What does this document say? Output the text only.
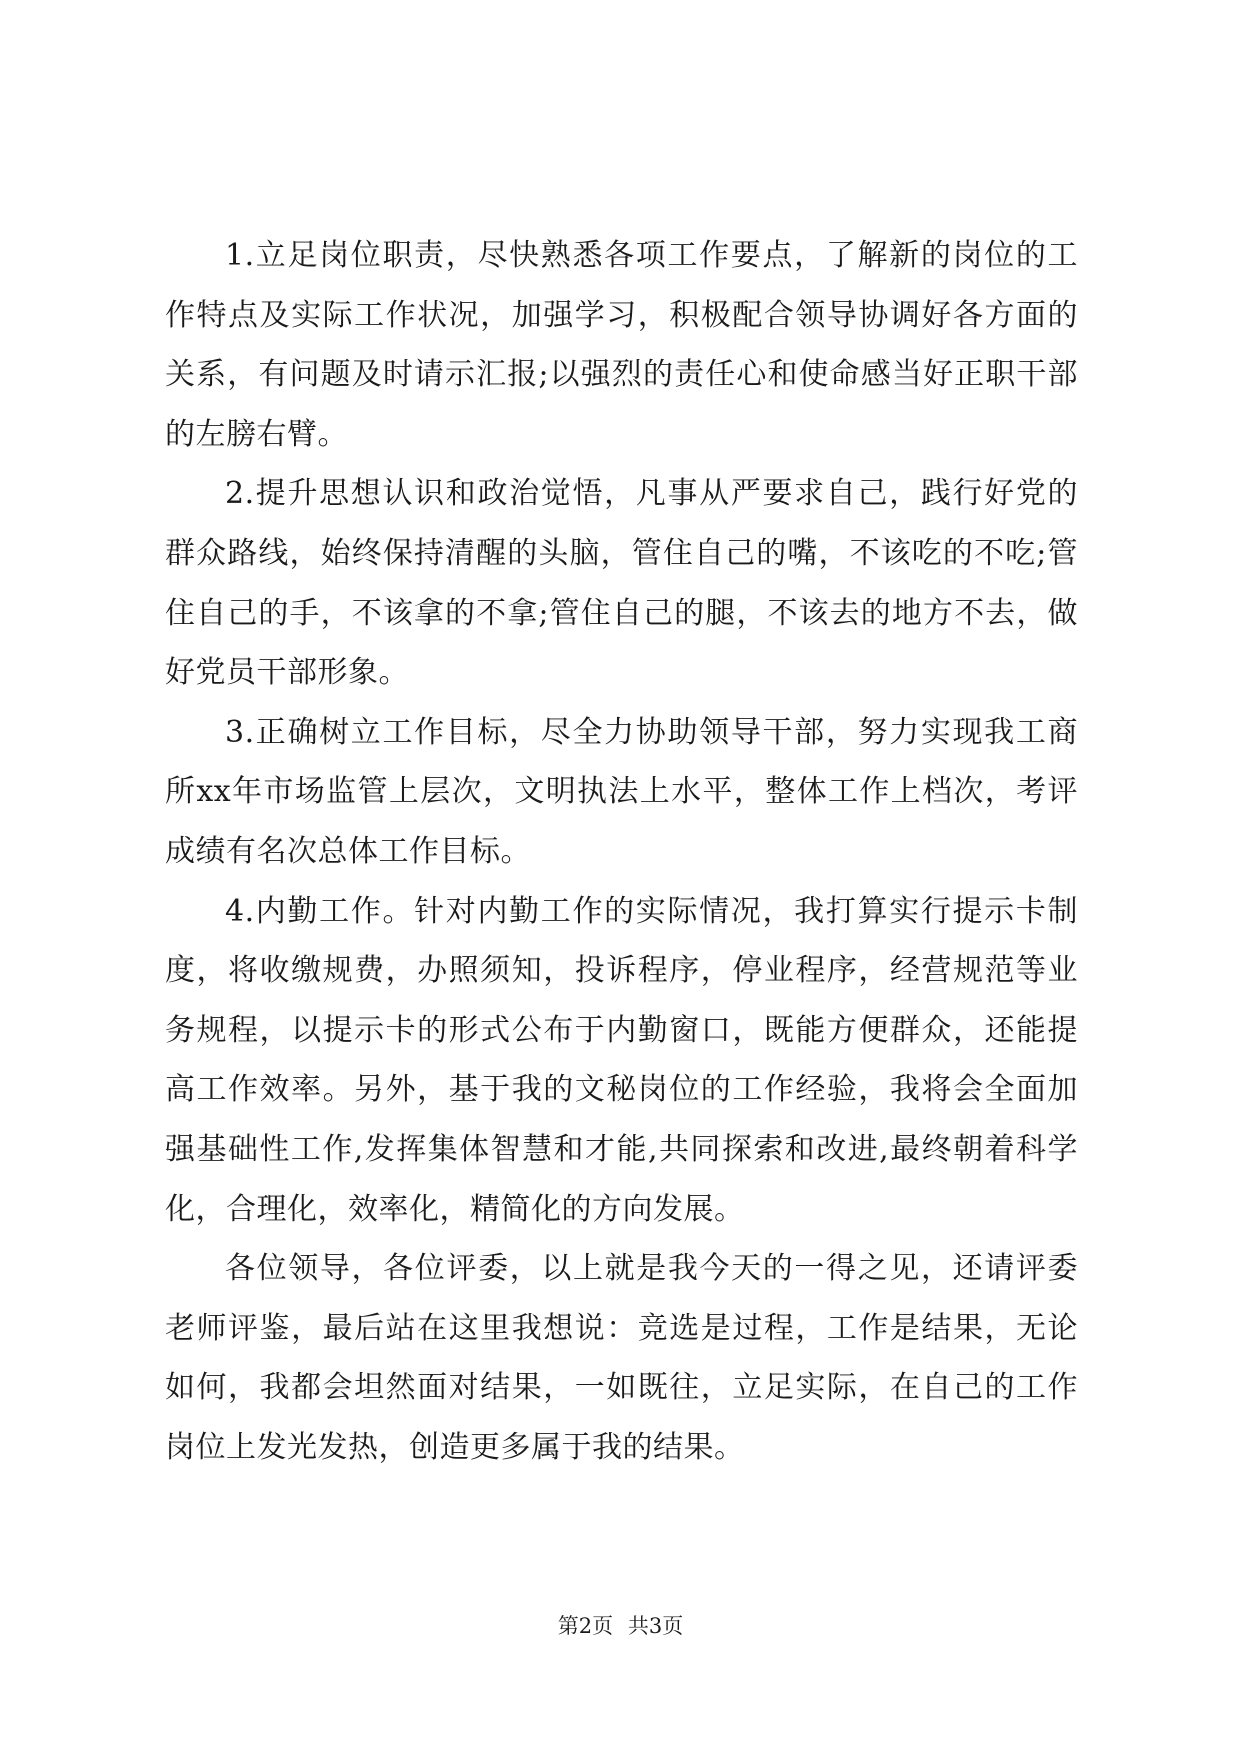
1.立足岗位职责，尽快熟悉各项工作要点，了解新的岗位的工作特点及实际工作状况，加强学习，积极配合领导协调好各方面的关系，有问题及时请示汇报;以强烈的责任心和使命感当好正职干部的左膀右臂。

2.提升思想认识和政治觉悟，凡事从严要求自己，践行好党的群众路线，始终保持清醒的头脑，管住自己的嘴，不该吃的不吃;管住自己的手，不该拿的不拿;管住自己的腿，不该去的地方不去，做好党员干部形象。

3.正确树立工作目标，尽全力协助领导干部，努力实现我工商所xx年市场监管上层次，文明执法上水平，整体工作上档次，考评成绩有名次总体工作目标。

4.内勤工作。针对内勤工作的实际情况，我打算实行提示卡制度，将收缴规费，办照须知，投诉程序，停业程序，经营规范等业务规程，以提示卡的形式公布于内勤窗口，既能方便群众，还能提高工作效率。另外，基于我的文秘岗位的工作经验，我将会全面加强基础性工作,发挥集体智慧和才能,共同探索和改进,最终朝着科学化，合理化，效率化，精简化的方向发展。

各位领导，各位评委，以上就是我今天的一得之见，还请评委老师评鉴，最后站在这里我想说：竞选是过程，工作是结果，无论如何，我都会坦然面对结果，一如既往，立足实际，在自己的工作岗位上发光发热，创造更多属于我的结果。

第2页 共3页
